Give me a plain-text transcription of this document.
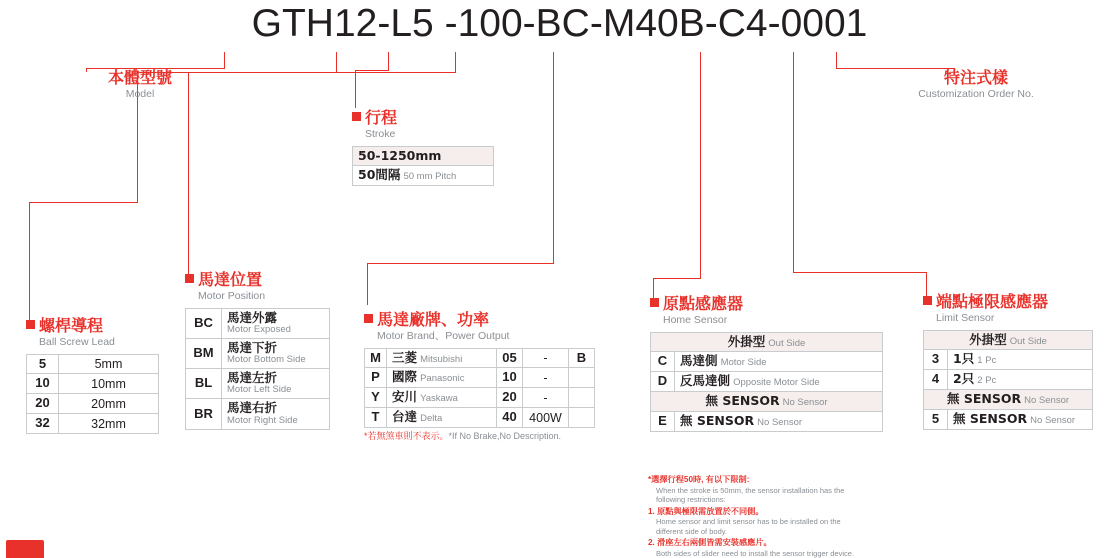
GTH12-L5 -100-BC-M40B-C4-0001
本體型號
Model
特注式樣
Customization Order No.
行程
Stroke
50-1250mm
50間隔 50 mm Pitch
螺桿導程
Ball Screw Lead
5	5mm
10	10mm
20	20mm
32	32mm
馬達位置
Motor Position
BC	馬達外露
Motor Exposed

BM	馬達下折
Motor Bottom Side

BL	馬達左折
Motor Left Side

BR	馬達右折
Motor Right Side
馬達廠牌、功率
Motor Brand、Power Output
M	三菱 Mitsubishi	05	-	B
P	國際 Panasonic	10	-	
Y	安川 Yaskawa	20	-	
T	台達 Delta	40	400W	
*若無煞車則不表示。*If No Brake,No Description.
原點感應器
Home Sensor
外掛型 Out Side	
C	馬達側 Motor Side
D	反馬達側 Opposite Motor Side
無 SENSOR No Sensor	
E	無 SENSOR No Sensor
*選擇行程50時, 有以下限制:
When the stroke is 50mm, the sensor installation has the following restrictions:
1. 原點與極限需放置於不同側。
Home sensor and limit sensor has to be installed on the different side of body.
2. 滑座左右兩側皆需安裝感應片。
Both sides of slider need to install the sensor trigger device.
端點極限感應器
Limit Sensor
外掛型 Out Side	
3	1只 1 Pc
4	2只 2 Pc
無 SENSOR No Sensor	
5	無 SENSOR No Sensor
